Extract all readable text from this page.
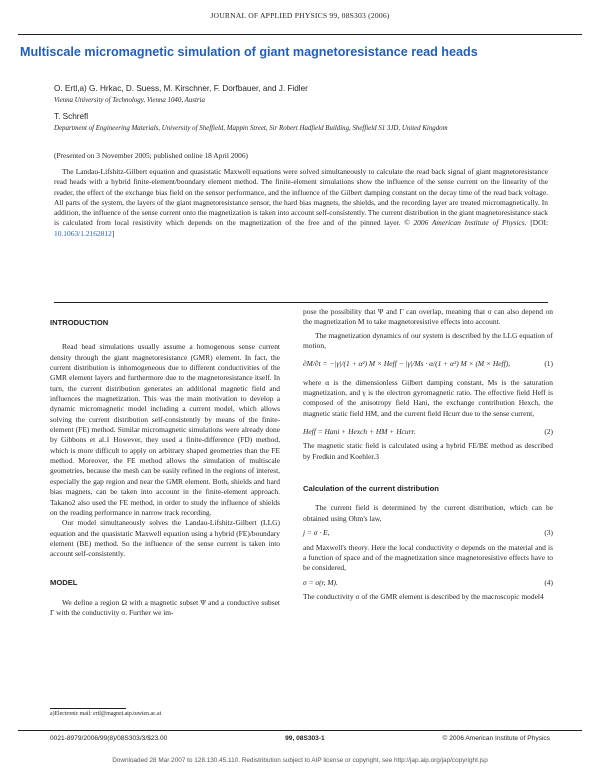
JOURNAL OF APPLIED PHYSICS 99, 08S303 (2006)
Multiscale micromagnetic simulation of giant magnetoresistance read heads
O. Ertl,a) G. Hrkac, D. Suess, M. Kirschner, F. Dorfbauer, and J. Fidler
Vienna University of Technology, Vienna 1040, Austria
T. Schrefl
Department of Engineering Materials, University of Sheffield, Mappin Street, Sir Robert Hadfield Building, Sheffield S1 3JD, United Kingdom
(Presented on 3 November 2005; published online 18 April 2006)
The Landau-Lifshitz-Gilbert equation and quasistatic Maxwell equations were solved simultaneously to calculate the read back signal of giant magnetoresistance read heads with a hybrid finite-element/boundary element method. The finite-element simulations show the influence of the sense current on the linearity of the reader, the effect of the exchange bias field on the sensor performance, and the influence of the Gilbert damping constant on the decay time of the read back voltage. All parts of the system, the layers of the giant magnetoresistance sensor, the hard bias magnets, the shields, and the recording layer are treated micromagnetically. In addition, the influence of the sense current onto the magnetization is taken into account self-consistently. The current distribution in the giant magnetoresistance stack is calculated from local resistivity which depends on the magnetization of the free and of the pinned layer. © 2006 American Institute of Physics. [DOI: 10.1063/1.2162812]

INTRODUCTION

Read head simulations usually assume a homogenous sense current density through the giant magnetoresistance (GMR) element. In fact, the current distribution is inhomogeneous due to different conductivities of the GMR element layers and furthermore due to the magnetoresistance itself. In turn, the current distribution generates an additional magnetic field and influences the magnetization. This was the main motivation to develop a dynamic micromagnetic model including a current model, which allows solving the current distribution self-consistently by means of the finite-element (FE) method. Similar micromagnetic simulations were already done by Gibbons et al.1 However, they used a finite-difference (FD) method, which is more difficult to apply on arbitrary shaped geometries than the FE method. Moreover, the FE method allows the simulation of multiscale geometries, because the mesh can be easily refined in the regions of interest, especially the gap region and near the GMR element. Both, shields and hard bias magnets, can be taken into account in the finite-element approach. Takano2 also used the FE method, in order to study the influence of shields on the reading performance in narrow track recording.

Our model simultaneously solves the Landau-Lifshitz-Gilbert (LLG) equation and the quasistatic Maxwell equation using a hybrid (FE)/boundary element (BE) method. So the influence of the sense current is taken into account self-consistently.

MODEL

We define a region Ω with a magnetic subset Ψ and a conductive subset Γ with the conductivity σ. Further we im-

a)Electronic mail: ertl@magnet.atp.tuwien.ac.at

pose the possibility that Ψ and Γ can overlap, meaning that σ can also depend on the magnetization M to take magnetoresistive effects into account.

The magnetization dynamics of our system is described by the LLG equation of motion,

∂M/∂t = −|γ|/(1 + α²) M × Heff − |γ|/Ms · α/(1 + α²) M × (M × Heff),	(1)

where α is the dimensionless Gilbert damping constant, Ms is the saturation magnetization, and γ is the electron gyromagnetic ratio. The effective field Heff is composed of the anisotropy field Hani, the exchange contribution Hexch, the magnetic static field HM, and the current field Hcurr due to the sense current,

Heff = Hani + Hexch + HM + Hcurr.	(2)

The magnetic static field is calculated using a hybrid FE/BE method as described by Fredkin and Koehler.3

Calculation of the current distribution

The current field is determined by the current distribution, which can be obtained using Ohm's law,

j = σ · E,	(3)

and Maxwell's theory. Here the local conductivity σ depends on the material and is a function of space and of the magnetization since magnetoresistive effects have to be considered,

σ = σ(r, M).	(4)

The conductivity σ of the GMR element is described by the macroscopic model4

0021-8979/2006/99(8)/08S303/3/$23.00	99, 08S303-1	© 2006 American Institute of Physics
Downloaded 28 Mar 2007 to 128.130.45.110. Redistribution subject to AIP license or copyright, see http://jap.aip.org/jap/copyright.jsp
